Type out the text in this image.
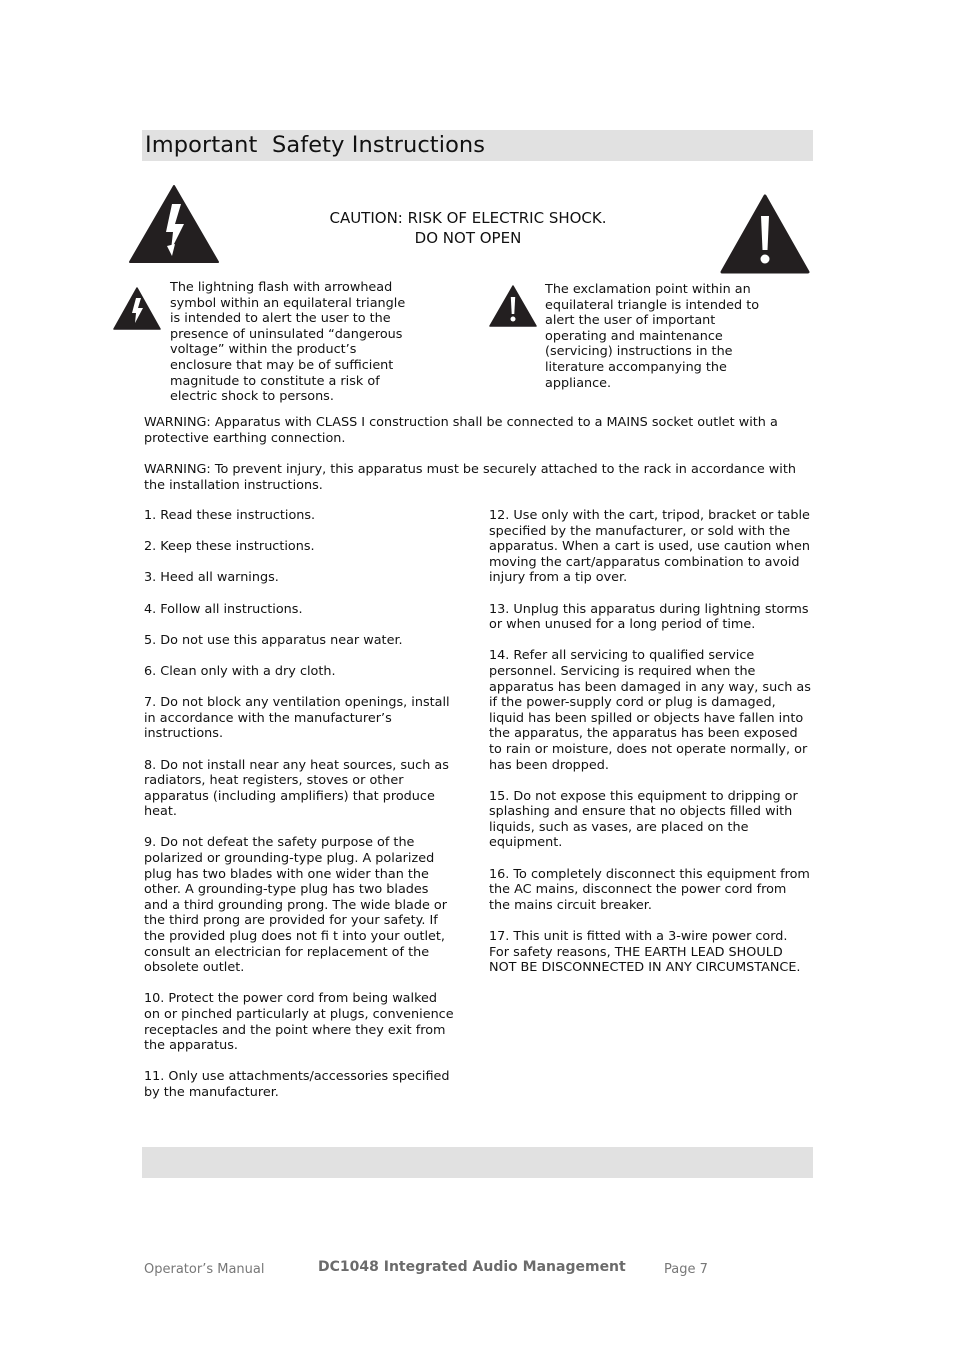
Important  Safety Instructions
CAUTION: RISK OF ELECTRIC SHOCK.
DO NOT OPEN
The lightning flash with arrowhead symbol within an equilateral triangle is intended to alert the user to the presence of uninsulated “dangerous voltage” within the product’s enclosure that may be of sufficient magnitude to constitute a risk of electric shock to persons.
The exclamation point within an equilateral triangle is intended to alert the user of important operating and maintenance (servicing) instructions in the literature accompanying the appliance.
WARNING: Apparatus with CLASS I construction shall be connected to a MAINS socket outlet with a protective earthing connection.
WARNING: To prevent injury, this apparatus must be securely attached to the rack in accordance with the installation instructions.
1. Read these instructions.
2. Keep these instructions.
3. Heed all warnings.
4. Follow all instructions.
5. Do not use this apparatus near water.
6. Clean only with a dry cloth.
7. Do not block any ventilation openings, install in accordance with the manufacturer’s instructions.
8. Do not install near any heat sources, such as radiators, heat registers, stoves or other apparatus (including amplifiers) that produce heat.
9. Do not defeat the safety purpose of the polarized or grounding-type plug. A polarized plug has two blades with one wider than the other. A grounding-type plug has two blades and a third grounding prong. The wide blade or the third prong are provided for your safety. If the provided plug does not fi t into your outlet, consult an electrician for replacement of the obsolete outlet.
10. Protect the power cord from being walked on or pinched particularly at plugs, convenience receptacles and the point where they exit from the apparatus.
11. Only use attachments/accessories specified by the manufacturer.
12. Use only with the cart, tripod, bracket or table specified by the manufacturer, or sold with the apparatus. When a cart is used, use caution when moving the cart/apparatus combination to avoid injury from a tip over.
13. Unplug this apparatus during lightning storms or when unused for a long period of time.
14. Refer all servicing to qualified service personnel. Servicing is required when the apparatus has been damaged in any way, such as if the power-supply cord or plug is damaged, liquid has been spilled or objects have fallen into the apparatus, the apparatus has been exposed to rain or moisture, does not operate normally, or has been dropped.
15. Do not expose this equipment to dripping or splashing and ensure that no objects filled with liquids, such as vases, are placed on the equipment.
16. To completely disconnect this equipment from the AC mains, disconnect the power cord from the mains circuit breaker.
17. This unit is fitted with a 3-wire power cord. For safety reasons, THE EARTH LEAD SHOULD NOT BE DISCONNECTED IN ANY CIRCUMSTANCE.
Operator’s Manual	DC1048 Integrated Audio Management	Page 7
